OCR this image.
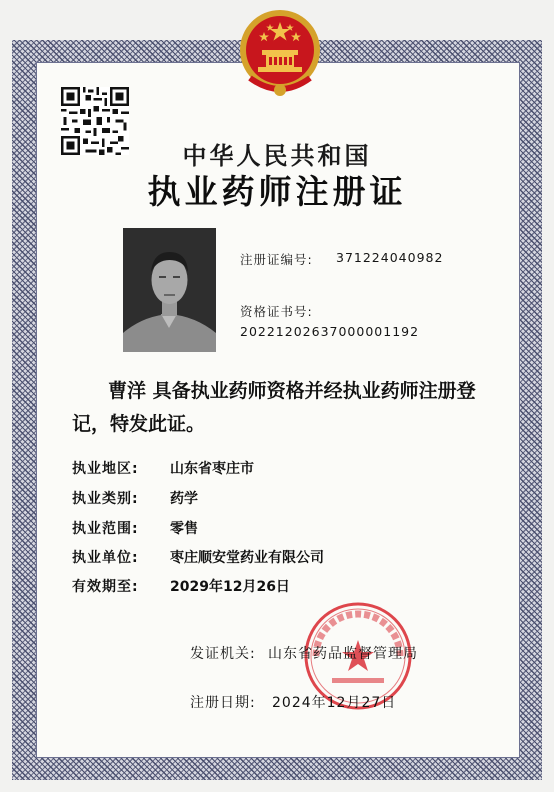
中华人民共和国
执业药师注册证
注册证编号: 371224040982
资格证书号:
20221202637000001192
曹洋 具备执业药师资格并经执业药师注册登记，特发此证。
执业地区: 山东省枣庄市
执业类别: 药学
执业范围: 零售
执业单位: 枣庄顺安堂药业有限公司
有效期至: 2029年12月26日
发证机关: 山东省药品监督管理局
注册日期: 2024年12月27日
